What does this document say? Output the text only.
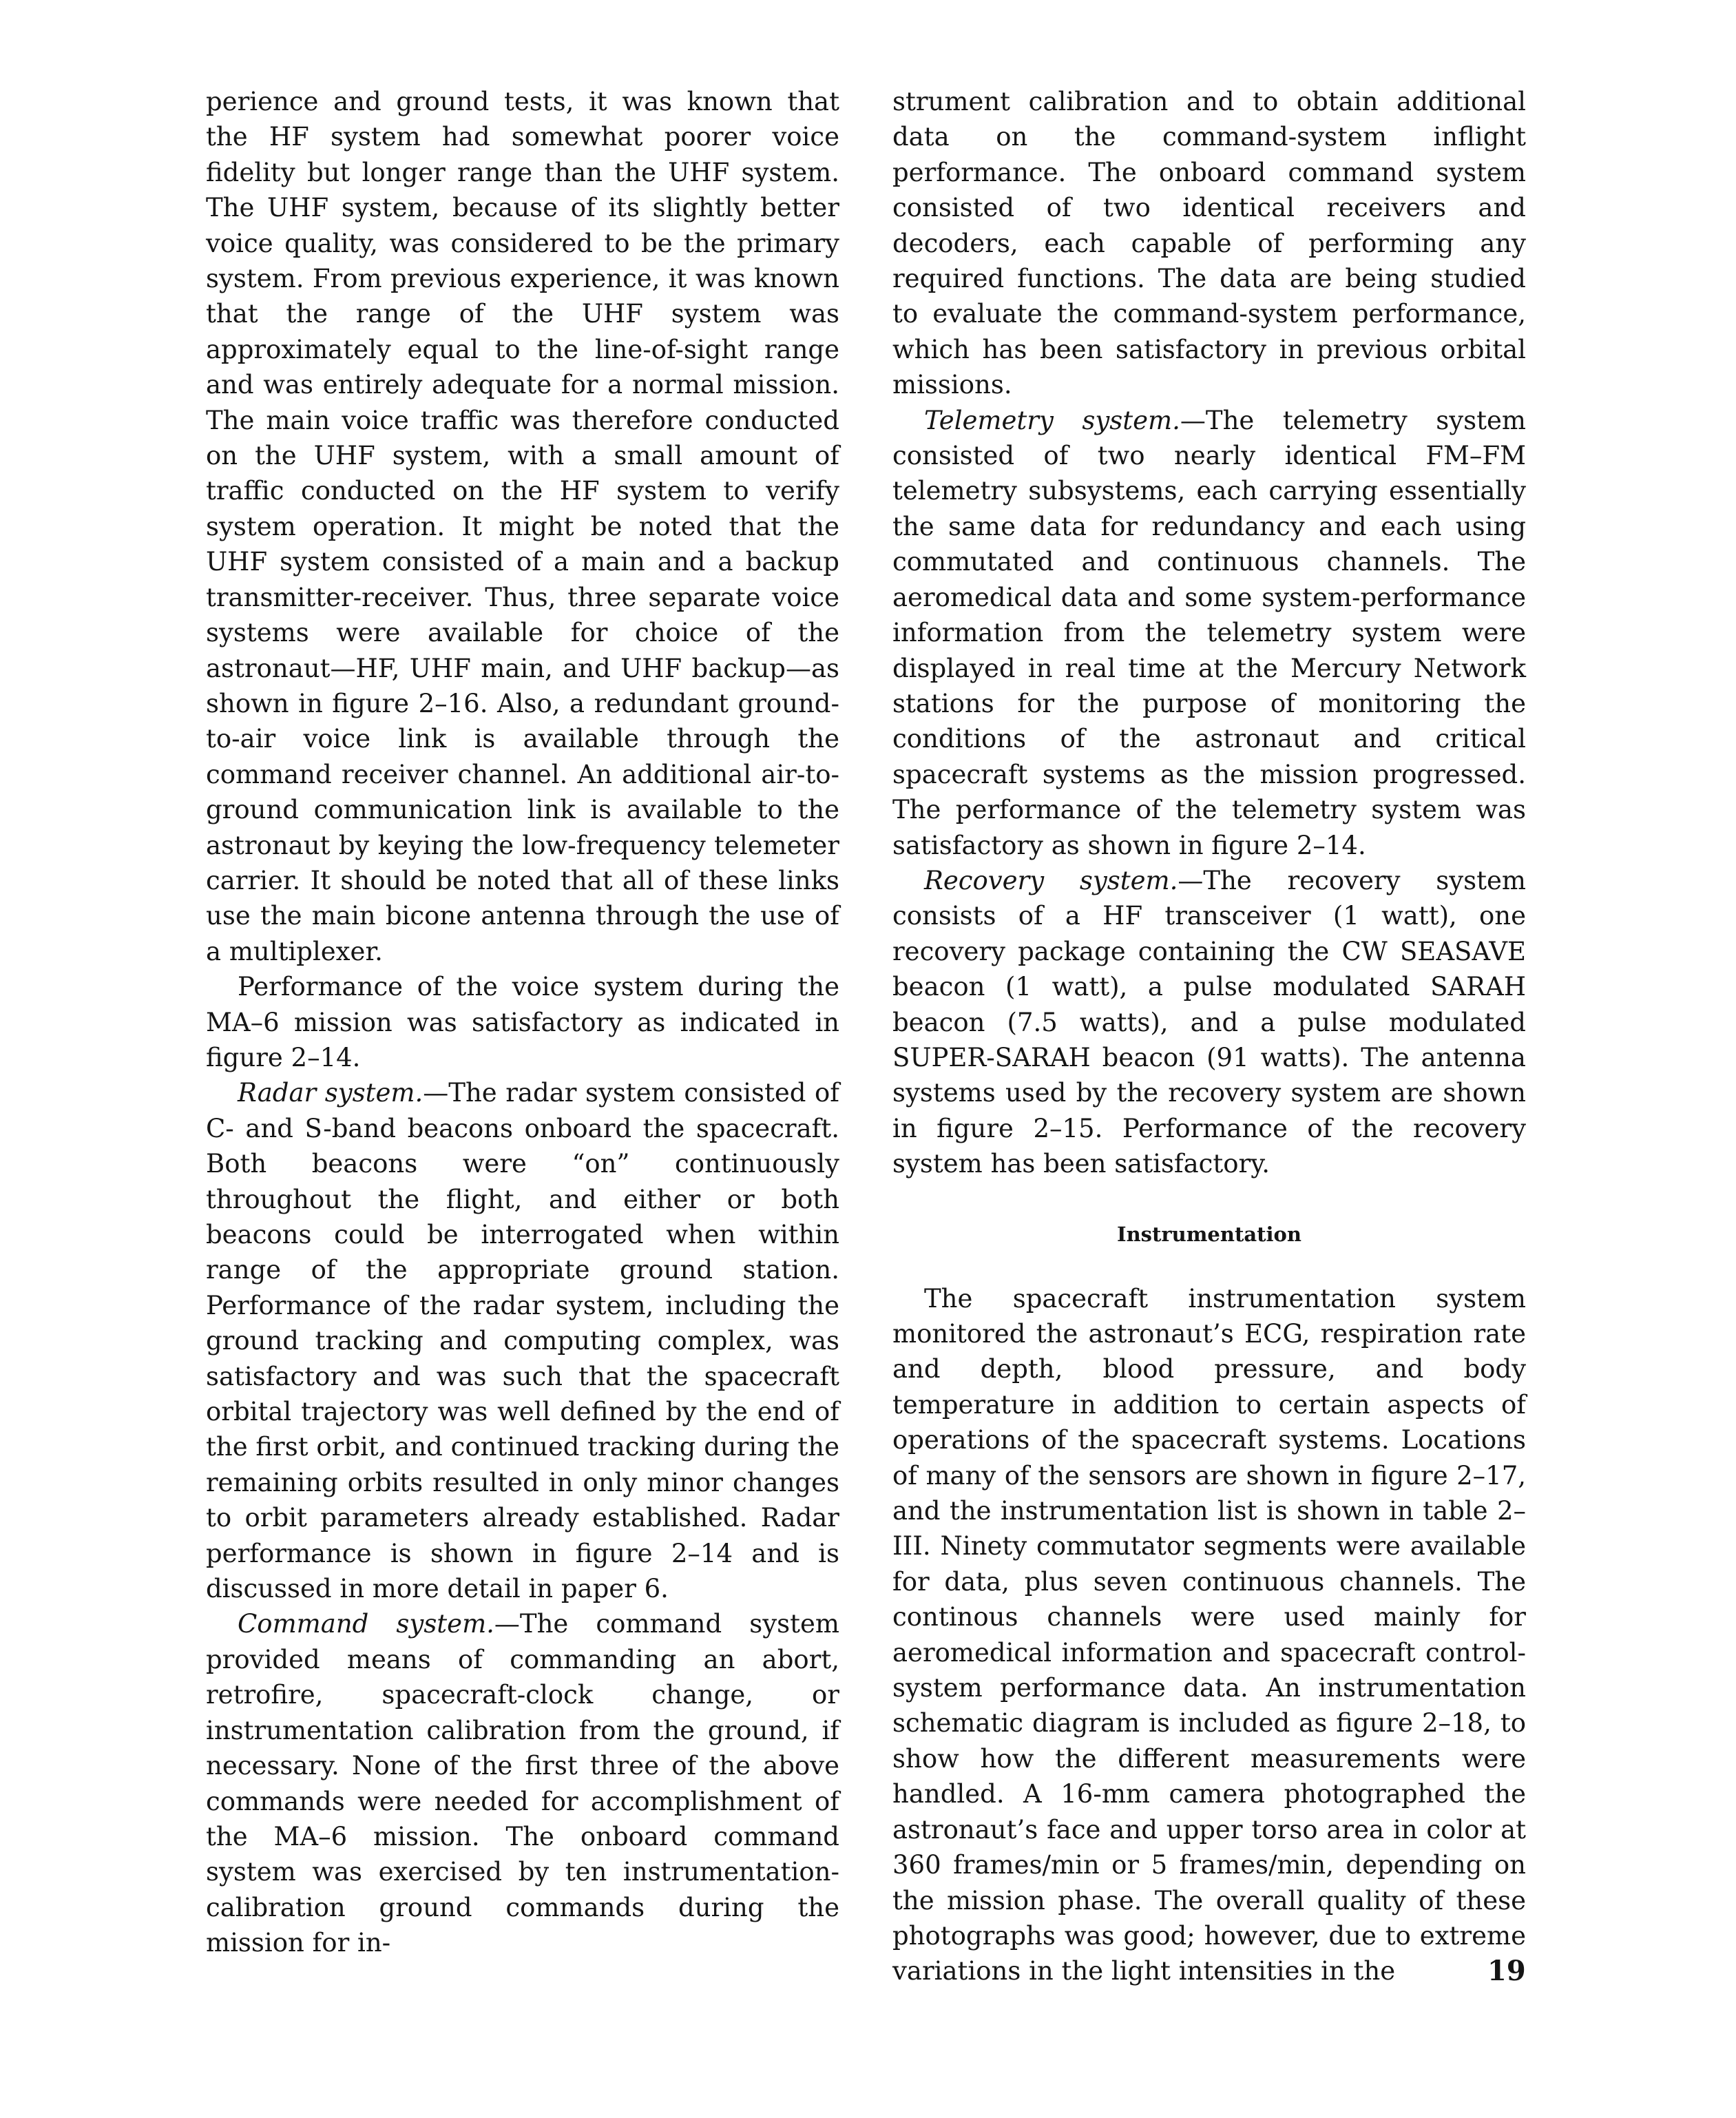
perience and ground tests, it was known that the HF system had somewhat poorer voice fidelity but longer range than the UHF system. The UHF system, because of its slightly better voice quality, was considered to be the primary system. From previous experience, it was known that the range of the UHF system was approximately equal to the line-of-sight range and was entirely adequate for a normal mission. The main voice traffic was therefore conducted on the UHF system, with a small amount of traffic conducted on the HF system to verify system operation. It might be noted that the UHF system consisted of a main and a backup transmitter-receiver. Thus, three separate voice systems were available for choice of the astronaut—HF, UHF main, and UHF backup—as shown in figure 2–16. Also, a redundant ground-to-air voice link is available through the command receiver channel. An additional air-to-ground communication link is available to the astronaut by keying the low-frequency telemeter carrier. It should be noted that all of these links use the main bicone antenna through the use of a multiplexer.

Performance of the voice system during the MA–6 mission was satisfactory as indicated in figure 2–14.

Radar system.—The radar system consisted of C- and S-band beacons onboard the spacecraft. Both beacons were “on” continuously throughout the flight, and either or both beacons could be interrogated when within range of the appropriate ground station. Performance of the radar system, including the ground tracking and computing complex, was satisfactory and was such that the spacecraft orbital trajectory was well defined by the end of the first orbit, and continued tracking during the remaining orbits resulted in only minor changes to orbit parameters already established. Radar performance is shown in figure 2–14 and is discussed in more detail in paper 6.

Command system.—The command system provided means of commanding an abort, retrofire, spacecraft-clock change, or instrumentation calibration from the ground, if necessary. None of the first three of the above commands were needed for accomplishment of the MA–6 mission. The onboard command system was exercised by ten instrumentation-calibration ground commands during the mission for in-

strument calibration and to obtain additional data on the command-system inflight performance. The onboard command system consisted of two identical receivers and decoders, each capable of performing any required functions. The data are being studied to evaluate the command-system performance, which has been satisfactory in previous orbital missions.

Telemetry system.—The telemetry system consisted of two nearly identical FM–FM telemetry subsystems, each carrying essentially the same data for redundancy and each using commutated and continuous channels. The aeromedical data and some system-performance information from the telemetry system were displayed in real time at the Mercury Network stations for the purpose of monitoring the conditions of the astronaut and critical spacecraft systems as the mission progressed. The performance of the telemetry system was satisfactory as shown in figure 2–14.

Recovery system.—The recovery system consists of a HF transceiver (1 watt), one recovery package containing the CW SEASAVE beacon (1 watt), a pulse modulated SARAH beacon (7.5 watts), and a pulse modulated SUPER-SARAH beacon (91 watts). The antenna systems used by the recovery system are shown in figure 2–15. Performance of the recovery system has been satisfactory.

Instrumentation

The spacecraft instrumentation system monitored the astronaut’s ECG, respiration rate and depth, blood pressure, and body temperature in addition to certain aspects of operations of the spacecraft systems. Locations of many of the sensors are shown in figure 2–17, and the instrumentation list is shown in table 2–III. Ninety commutator segments were available for data, plus seven continuous channels. The continous channels were used mainly for aeromedical information and spacecraft control-system performance data. An instrumentation schematic diagram is included as figure 2–18, to show how the different measurements were handled. A 16-mm camera photographed the astronaut’s face and upper torso area in color at 360 frames/min or 5 frames/min, depending on the mission phase. The overall quality of these photographs was good; however, due to extreme variations in the light intensities in the	19
